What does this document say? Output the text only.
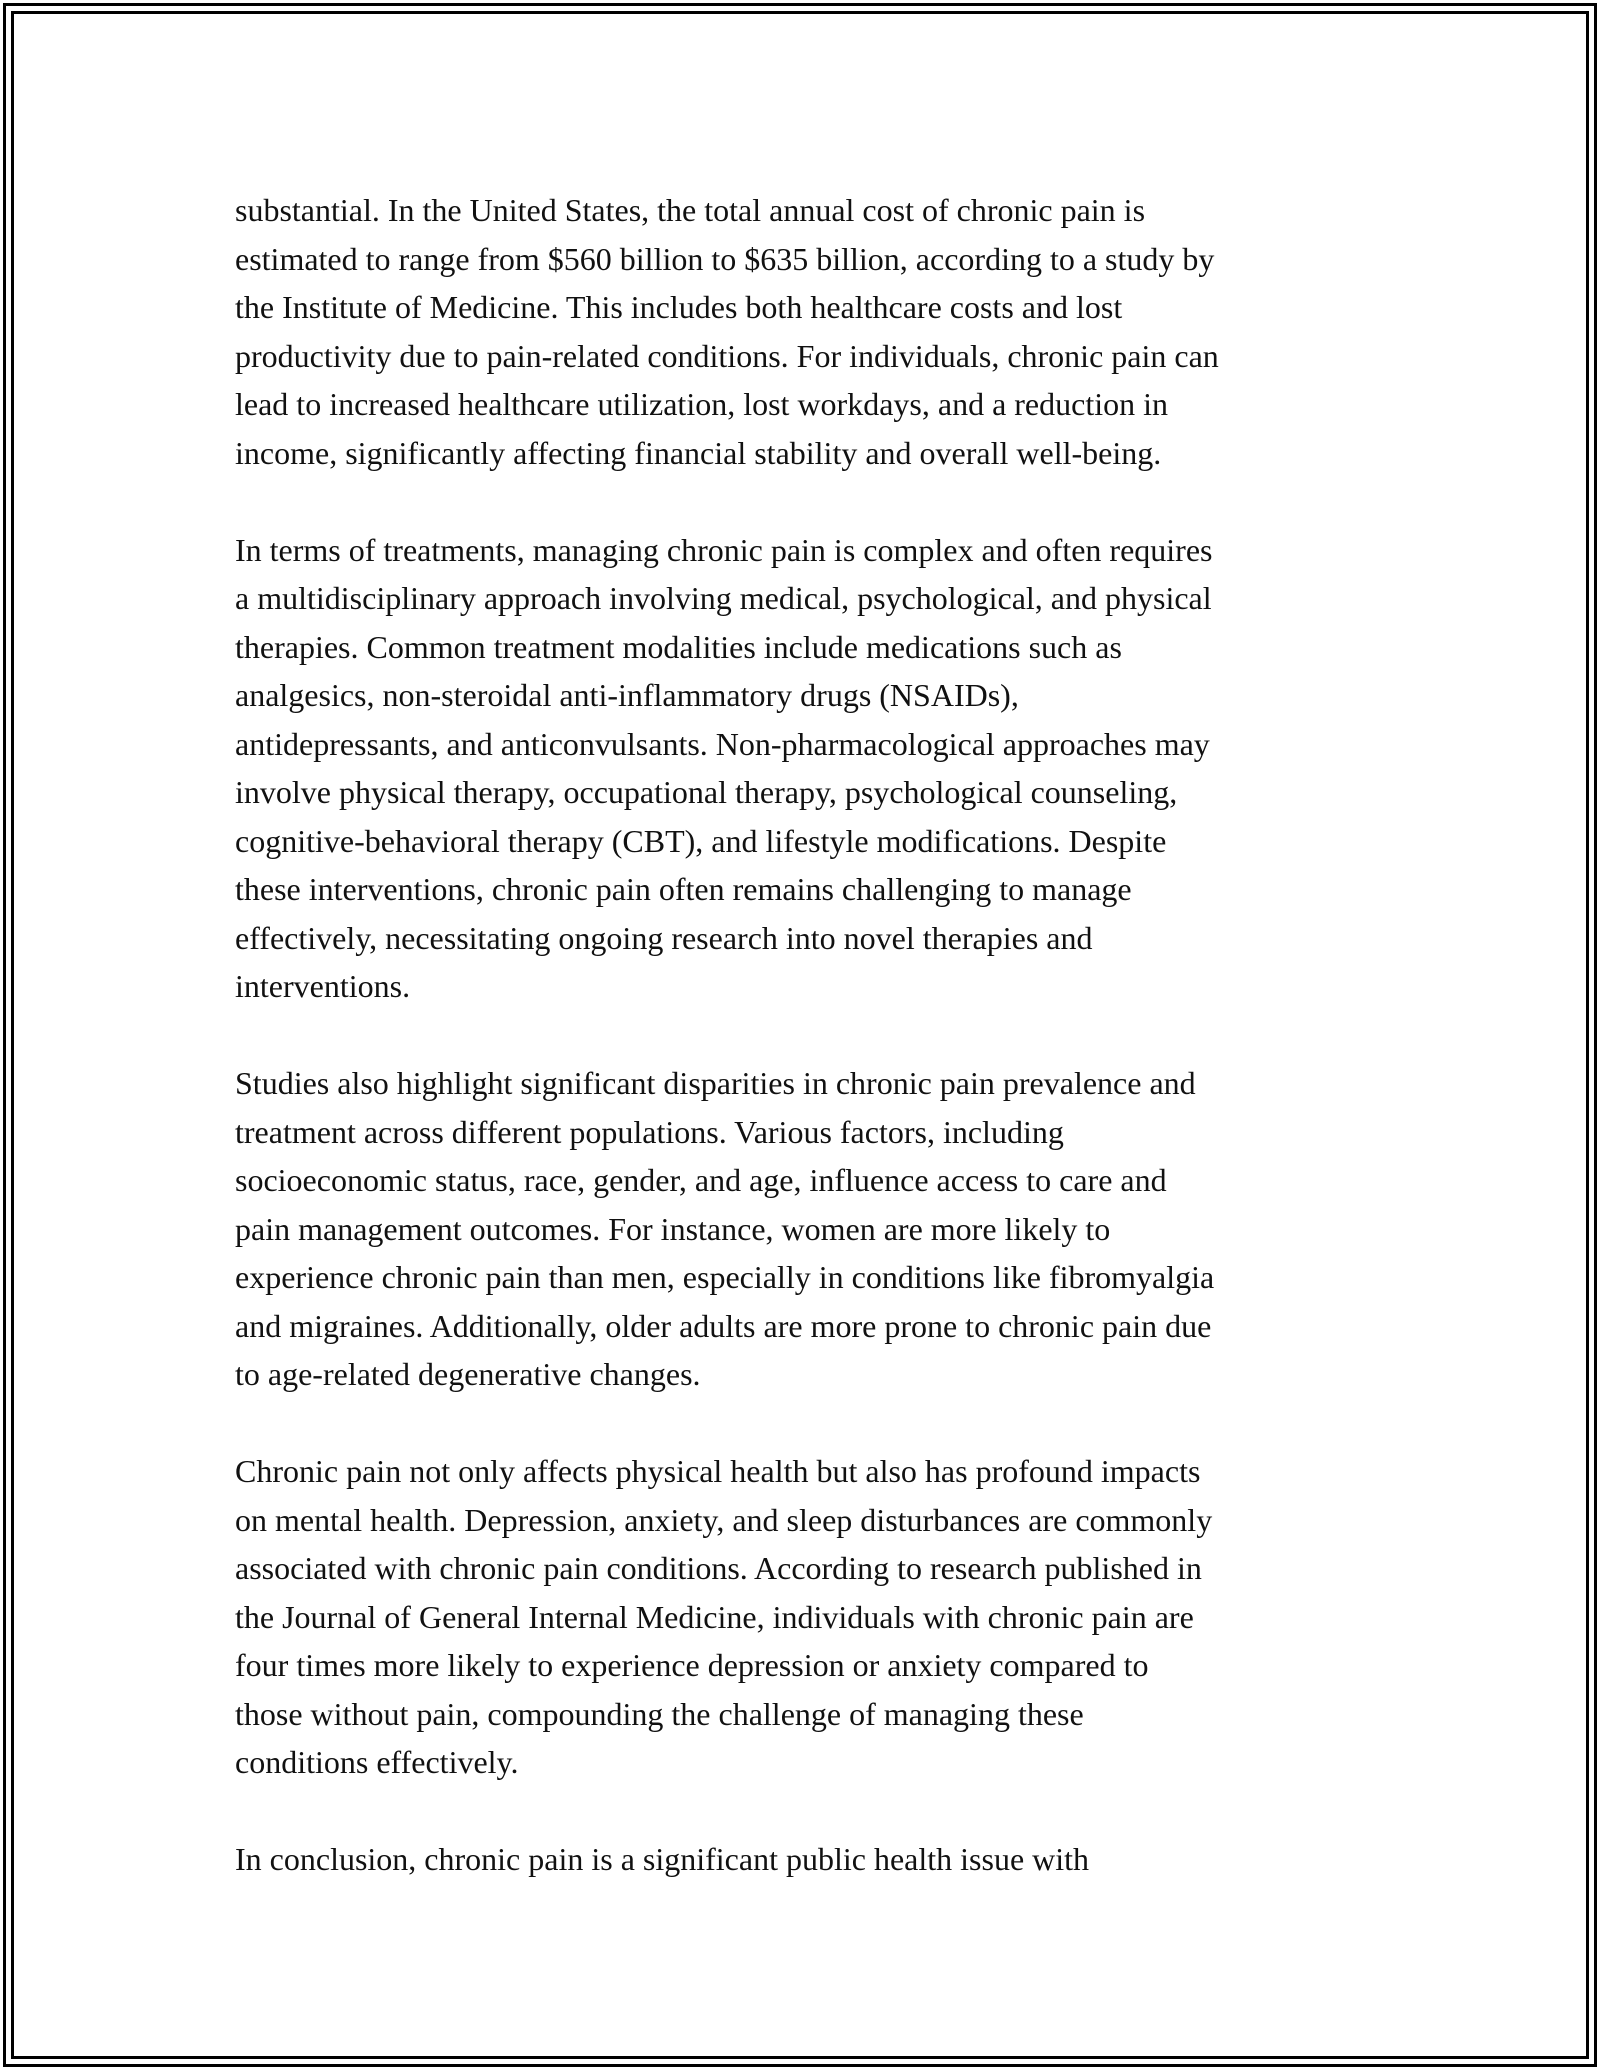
substantial. In the United States, the total annual cost of chronic pain is
estimated to range from $560 billion to $635 billion, according to a study by
the Institute of Medicine. This includes both healthcare costs and lost
productivity due to pain-related conditions. For individuals, chronic pain can
lead to increased healthcare utilization, lost workdays, and a reduction in
income, significantly affecting financial stability and overall well-being.

In terms of treatments, managing chronic pain is complex and often requires
a multidisciplinary approach involving medical, psychological, and physical
therapies. Common treatment modalities include medications such as
analgesics, non-steroidal anti-inflammatory drugs (NSAIDs),
antidepressants, and anticonvulsants. Non-pharmacological approaches may
involve physical therapy, occupational therapy, psychological counseling,
cognitive-behavioral therapy (CBT), and lifestyle modifications. Despite
these interventions, chronic pain often remains challenging to manage
effectively, necessitating ongoing research into novel therapies and
interventions.

Studies also highlight significant disparities in chronic pain prevalence and
treatment across different populations. Various factors, including
socioeconomic status, race, gender, and age, influence access to care and
pain management outcomes. For instance, women are more likely to
experience chronic pain than men, especially in conditions like fibromyalgia
and migraines. Additionally, older adults are more prone to chronic pain due
to age-related degenerative changes.

Chronic pain not only affects physical health but also has profound impacts
on mental health. Depression, anxiety, and sleep disturbances are commonly
associated with chronic pain conditions. According to research published in
the Journal of General Internal Medicine, individuals with chronic pain are
four times more likely to experience depression or anxiety compared to
those without pain, compounding the challenge of managing these
conditions effectively.

In conclusion, chronic pain is a significant public health issue with
